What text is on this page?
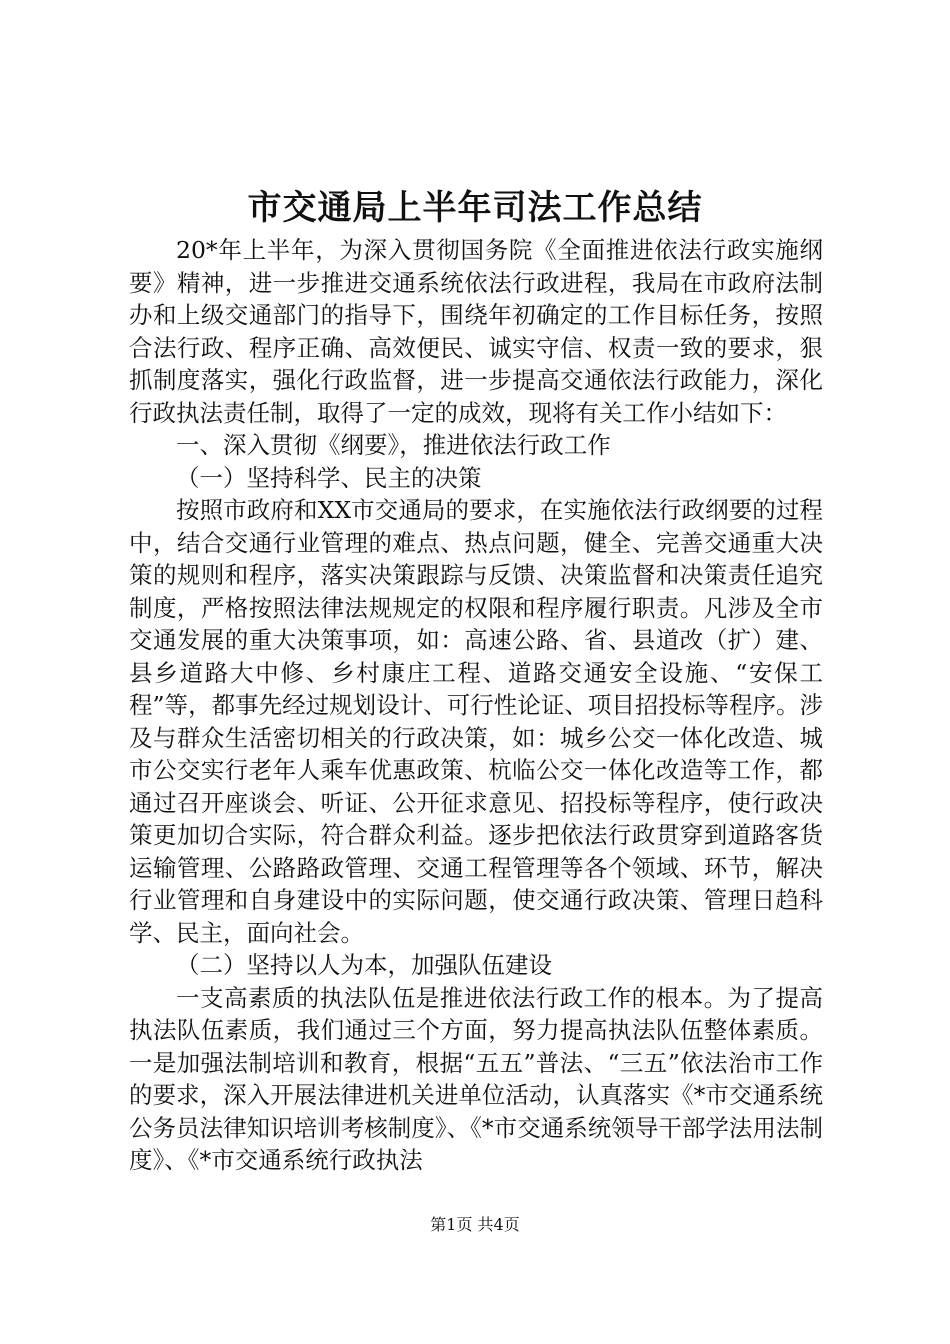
市交通局上半年司法工作总结

20*年上半年，为深入贯彻国务院《全面推进依法行政实施纲要》精神，进一步推进交通系统依法行政进程，我局在市政府法制办和上级交通部门的指导下，围绕年初确定的工作目标任务，按照合法行政、程序正确、高效便民、诚实守信、权责一致的要求，狠抓制度落实，强化行政监督，进一步提高交通依法行政能力，深化行政执法责任制，取得了一定的成效，现将有关工作小结如下：

一、深入贯彻《纲要》，推进依法行政工作

（一）坚持科学、民主的决策

按照市政府和XX市交通局的要求，在实施依法行政纲要的过程中，结合交通行业管理的难点、热点问题，健全、完善交通重大决策的规则和程序，落实决策跟踪与反馈、决策监督和决策责任追究制度，严格按照法律法规规定的权限和程序履行职责。凡涉及全市交通发展的重大决策事项，如：高速公路、省、县道改（扩）建、县乡道路大中修、乡村康庄工程、道路交通安全设施、“安保工程”等，都事先经过规划设计、可行性论证、项目招投标等程序。涉及与群众生活密切相关的行政决策，如：城乡公交一体化改造、城市公交实行老年人乘车优惠政策、杭临公交一体化改造等工作，都通过召开座谈会、听证、公开征求意见、招投标等程序，使行政决策更加切合实际，符合群众利益。逐步把依法行政贯穿到道路客货运输管理、公路路政管理、交通工程管理等各个领域、环节，解决行业管理和自身建设中的实际问题，使交通行政决策、管理日趋科学、民主，面向社会。

（二）坚持以人为本，加强队伍建设

一支高素质的执法队伍是推进依法行政工作的根本。为了提高执法队伍素质，我们通过三个方面，努力提高执法队伍整体素质。一是加强法制培训和教育，根据“五五”普法、“三五”依法治市工作的要求，深入开展法律进机关进单位活动，认真落实《*市交通系统公务员法律知识培训考核制度》、《*市交通系统领导干部学法用法制度》、《*市交通系统行政执法

第1页 共4页
